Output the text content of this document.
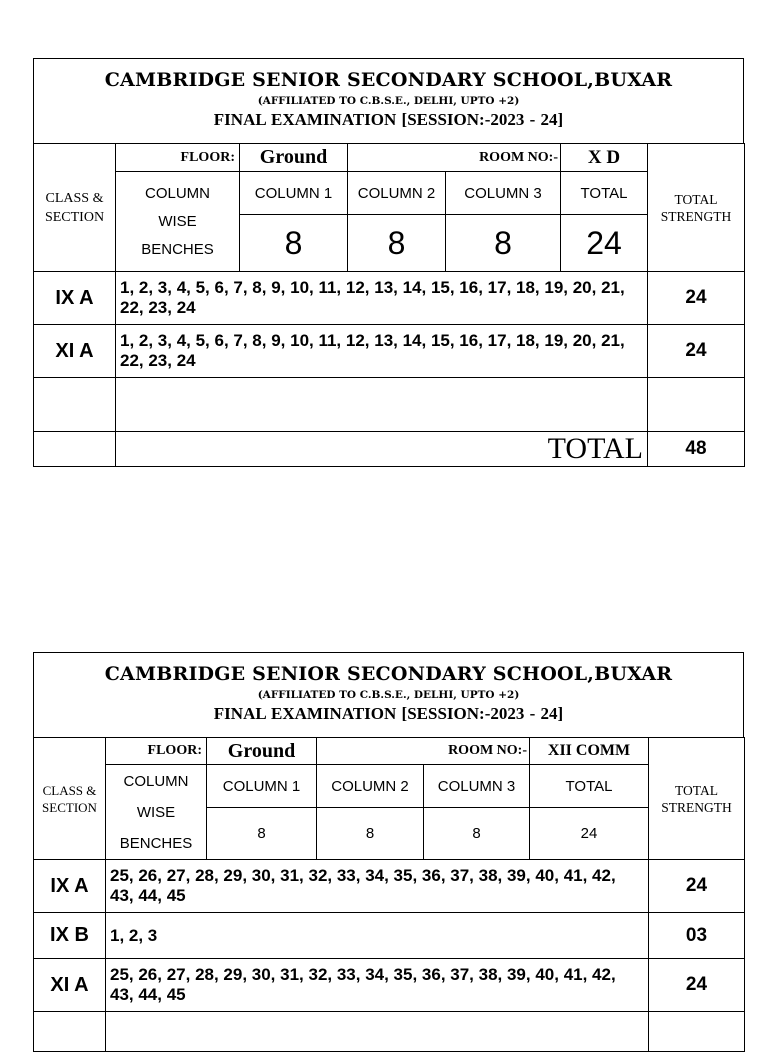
CAMBRIDGE SENIOR SECONDARY SCHOOL,BUXAR
(AFFILIATED TO C.B.S.E., DELHI, UPTO +2)
FINAL EXAMINATION [SESSION:-2023 - 24]
CLASS & SECTION	FLOOR:	Ground	ROOM NO:-		X D	TOTAL STRENGTH
	COLUMN WISE BENCHES	COLUMN 1	COLUMN 2	COLUMN 3	TOTAL	
		8	8	8	24	
IX A	1, 2, 3, 4, 5, 6, 7, 8, 9, 10, 11, 12, 13, 14, 15, 16, 17, 18, 19, 20, 21, 22, 23, 24					24
XI A	1, 2, 3, 4, 5, 6, 7, 8, 9, 10, 11, 12, 13, 14, 15, 16, 17, 18, 19, 20, 21, 22, 23, 24					24

	TOTAL					48
CAMBRIDGE SENIOR SECONDARY SCHOOL,BUXAR
(AFFILIATED TO C.B.S.E., DELHI, UPTO +2)
FINAL EXAMINATION [SESSION:-2023 - 24]
CLASS & SECTION	FLOOR:	Ground	ROOM NO:-		XII COMM	TOTAL STRENGTH
	COLUMN WISE BENCHES	COLUMN 1	COLUMN 2	COLUMN 3	TOTAL	
		8	8	8	24	
IX A	25, 26, 27, 28, 29, 30, 31, 32, 33, 34, 35, 36, 37, 38, 39, 40, 41, 42, 43, 44, 45					24
IX B	1, 2, 3					03
XI A	25, 26, 27, 28, 29, 30, 31, 32, 33, 34, 35, 36, 37, 38, 39, 40, 41, 42, 43, 44, 45					24
